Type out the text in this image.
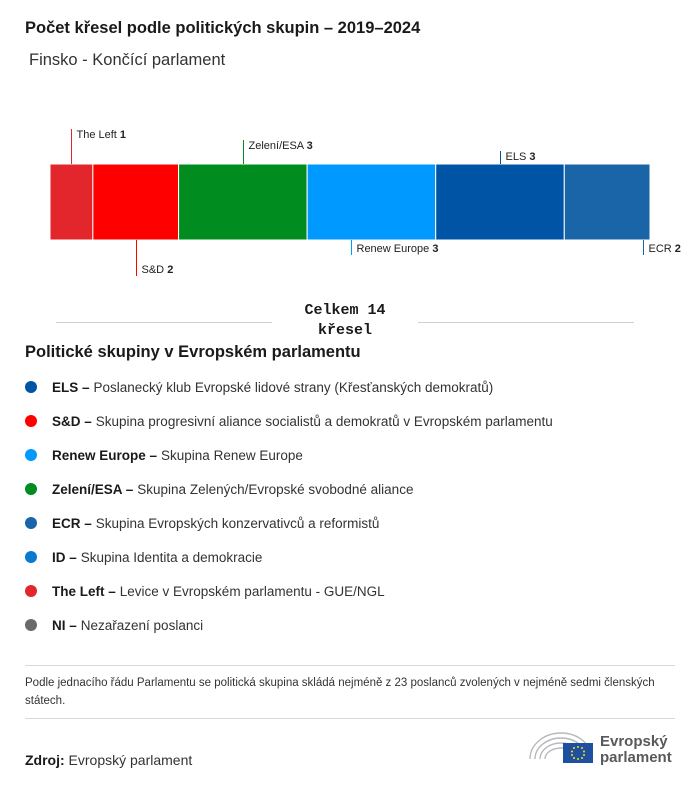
Počet křesel podle politických skupin – 2019–2024
Finsko - Končící parlament
The Left 1
S&D 2
Zelení/ESA 3
Renew Europe 3
ELS 3
ECR 2
Celkem 14
křesel
Politické skupiny v Evropském parlamentu
ELS – Poslanecký klub Evropské lidové strany (Křesťanských demokratů)
S&D – Skupina progresivní aliance socialistů a demokratů v Evropském parlamentu
Renew Europe – Skupina Renew Europe
Zelení/ESA – Skupina Zelených/Evropské svobodné aliance
ECR – Skupina Evropských konzervativců a reformistů
ID – Skupina Identita a demokracie
The Left – Levice v Evropském parlamentu - GUE/NGL
NI – Nezařazení poslanci
Podle jednacího řádu Parlamentu se politická skupina skládá nejméně z 23 poslanců zvolených v nejméně sedmi členských státech.
Zdroj: Evropský parlament
Evropský
parlament
